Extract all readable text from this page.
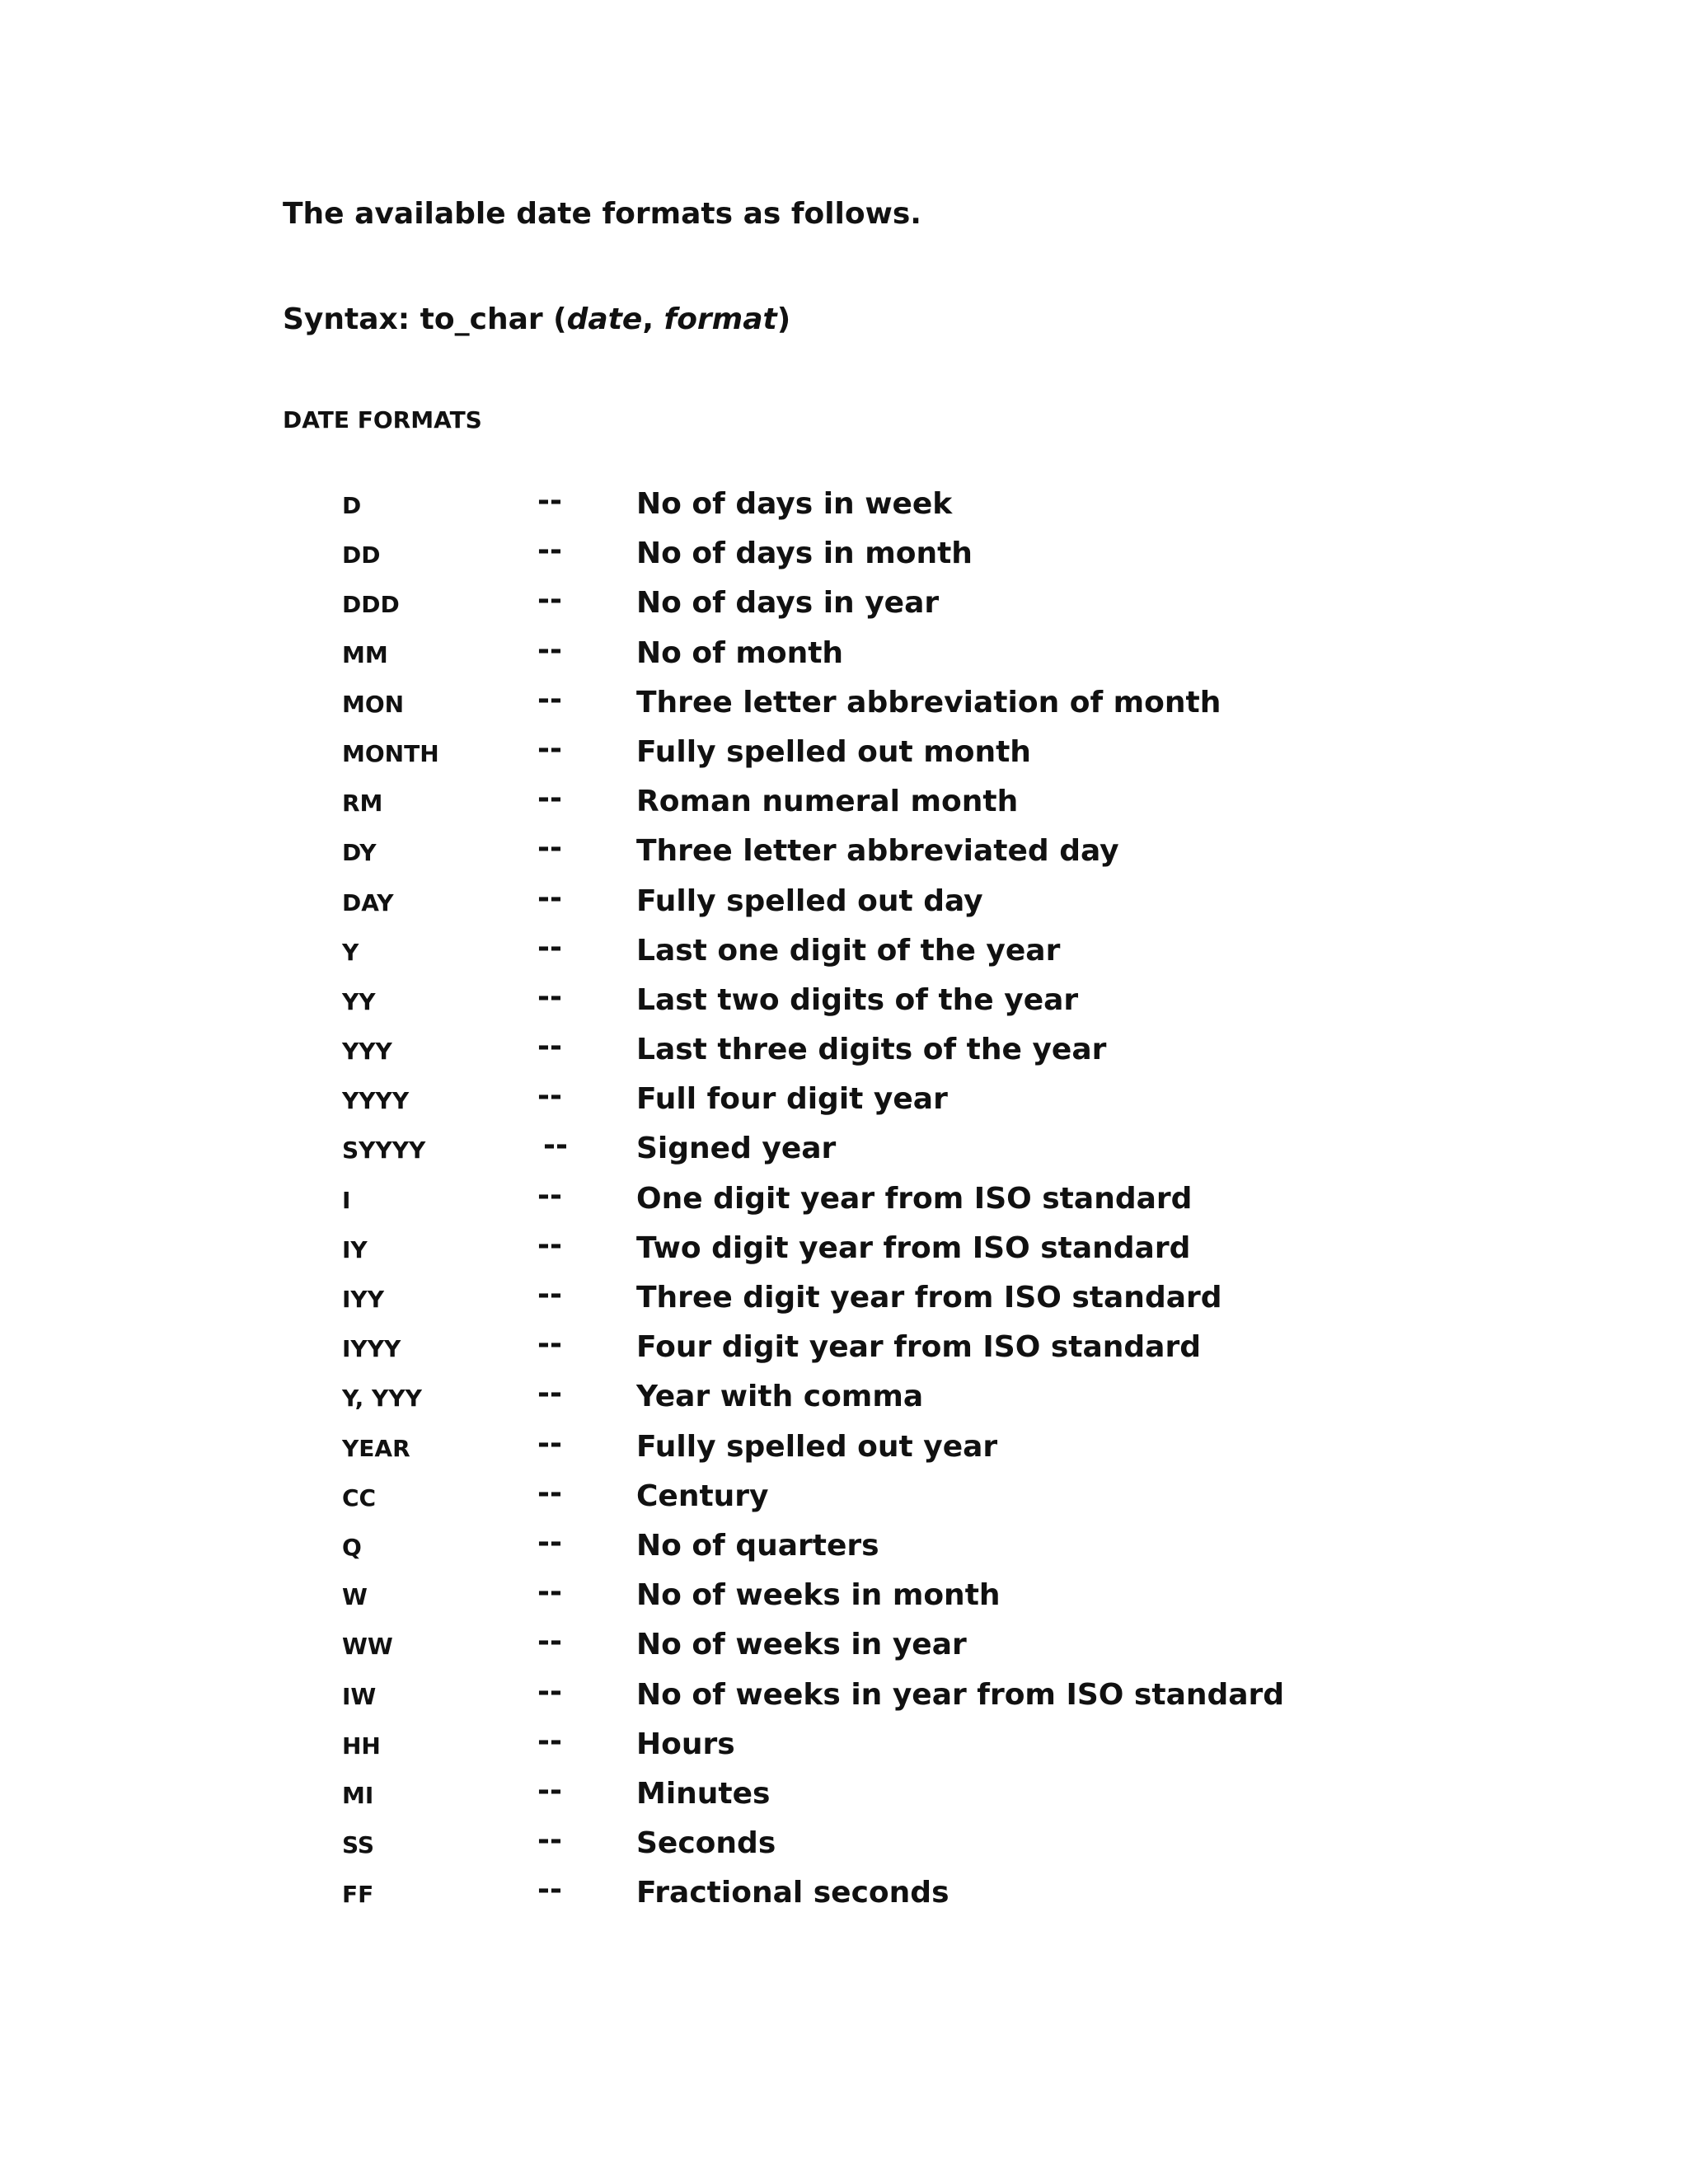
The available date formats as follows.
Syntax: to_char (date, format)
DATE FORMATS
D	--	No of days in week
DD	--	No of days in month
DDD	--	No of days in year
MM	--	No of month
MON	--	Three letter abbreviation of month
MONTH	--	Fully spelled out month
RM	--	Roman numeral month
DY	--	Three letter abbreviated day
DAY	--	Fully spelled out day
Y	--	Last one digit of the year
YY	--	Last two digits of the year
YYY	--	Last three digits of the year
YYYY	--	Full four digit year
SYYYY	-- Signed year
I	--	One digit year from ISO standard
IY	--	Two digit year from ISO standard
IYY	--	Three digit year from ISO standard
IYYY	--	Four digit year from ISO standard
Y, YYY	--	Year with comma
YEAR	--	Fully spelled out year
CC	--	Century
Q	--	No of quarters
W	--	No of weeks in month
WW	--	No of weeks in year
IW	--	No of weeks in year from ISO standard
HH	--	Hours
MI	--	Minutes
SS	--	Seconds
FF	--	Fractional seconds
